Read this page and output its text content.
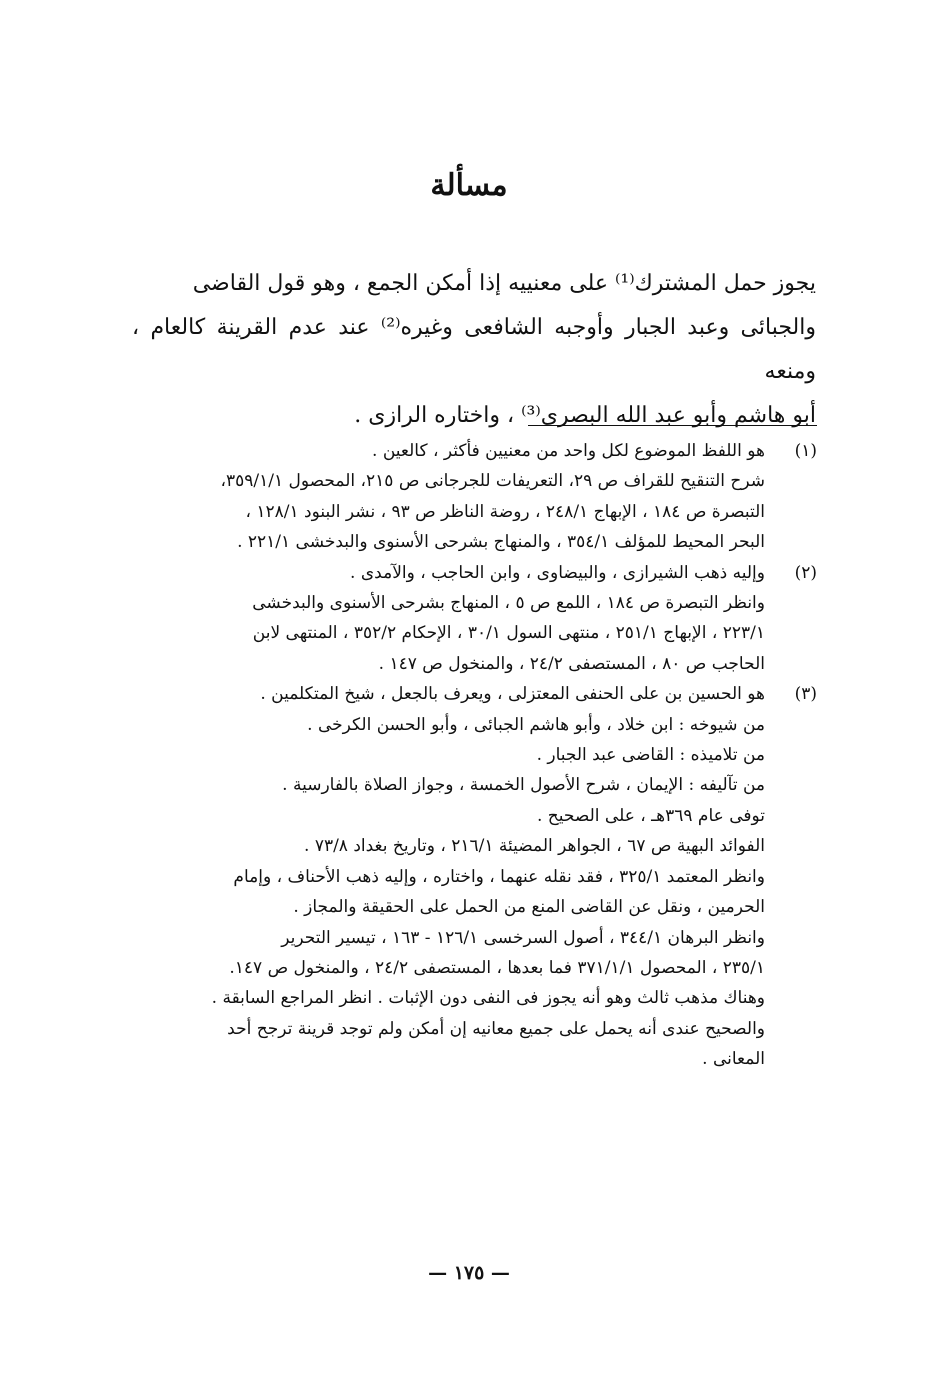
مسألة

يجوز حمل المشترك⁽¹⁾ على معنييه إذا أمكن الجمع ، وهو قول القاضى

والجبائى وعبد الجبار وأوجبه الشافعى وغيره⁽²⁾ عند عدم القرينة كالعام ، ومنعه

أبو هاشم وأبو عبد الله البصرى⁽³⁾ ، واختاره الرازى .

(١)
هو اللفظ الموضوع لكل واحد من معنيين فأكثر ، كالعين .
شرح التنقيح للقراف ص ٢٩، التعريفات للجرجانى ص ٢١٥، المحصول ٣٥٩/١/١،
التبصرة ص ١٨٤ ، الإبهاج ٢٤٨/١ ، روضة الناظر ص ٩٣ ، نشر البنود ١٢٨/١ ،
البحر المحيط للمؤلف ٣٥٤/١ ، والمنهاج بشرحى الأسنوى والبدخشى ٢٢١/١ .
(٢)
وإليه ذهب الشيرازى ، والبيضاوى ، وابن الحاجب ، والآمدى .
وانظر التبصرة ص ١٨٤ ، اللمع ص ٥ ، المنهاج بشرحى الأسنوى والبدخشى
٢٢٣/١ ، الإبهاج ٢٥١/١ ، منتهى السول ٣٠/١ ، الإحكام ٣٥٢/٢ ، المنتهى لابن
الحاجب ص ٨٠ ، المستصفى ٢٤/٢ ، والمنخول ص ١٤٧ .
(٣)
هو الحسين بن على الحنفى المعتزلى ، ويعرف بالجعل ، شيخ المتكلمين .
من شيوخه : ابن خلاد ، وأبو هاشم الجبائى ، وأبو الحسن الكرخى .
من تلاميذه : القاضى عبد الجبار .
من تآليفه : الإيمان ، شرح الأصول الخمسة ، وجواز الصلاة بالفارسية .
توفى عام ٣٦٩هـ ، على الصحيح .
الفوائد البهية ص ٦٧ ، الجواهر المضيئة ٢١٦/١ ، وتاريخ بغداد ٧٣/٨ .
وانظر المعتمد ٣٢٥/١ ، فقد نقله عنهما ، واختاره ، وإليه ذهب الأحناف ، وإمام
الحرمين ، ونقل عن القاضى المنع من الحمل على الحقيقة والمجاز .
وانظر البرهان ٣٤٤/١ ، أصول السرخسى ١٢٦/١ - ١٦٣ ، تيسير التحرير
٢٣٥/١ ، المحصول ٣٧١/١/١ فما بعدها ، المستصفى ٢٤/٢ ، والمنخول ص ١٤٧.
وهناك مذهب ثالث وهو أنه يجوز فى النفى دون الإثبات . انظر المراجع السابقة .
والصحيح عندى أنه يحمل على جميع معانيه إن أمكن ولم توجد قرينة ترجح أحد
المعانى .
— ١٧٥ —
